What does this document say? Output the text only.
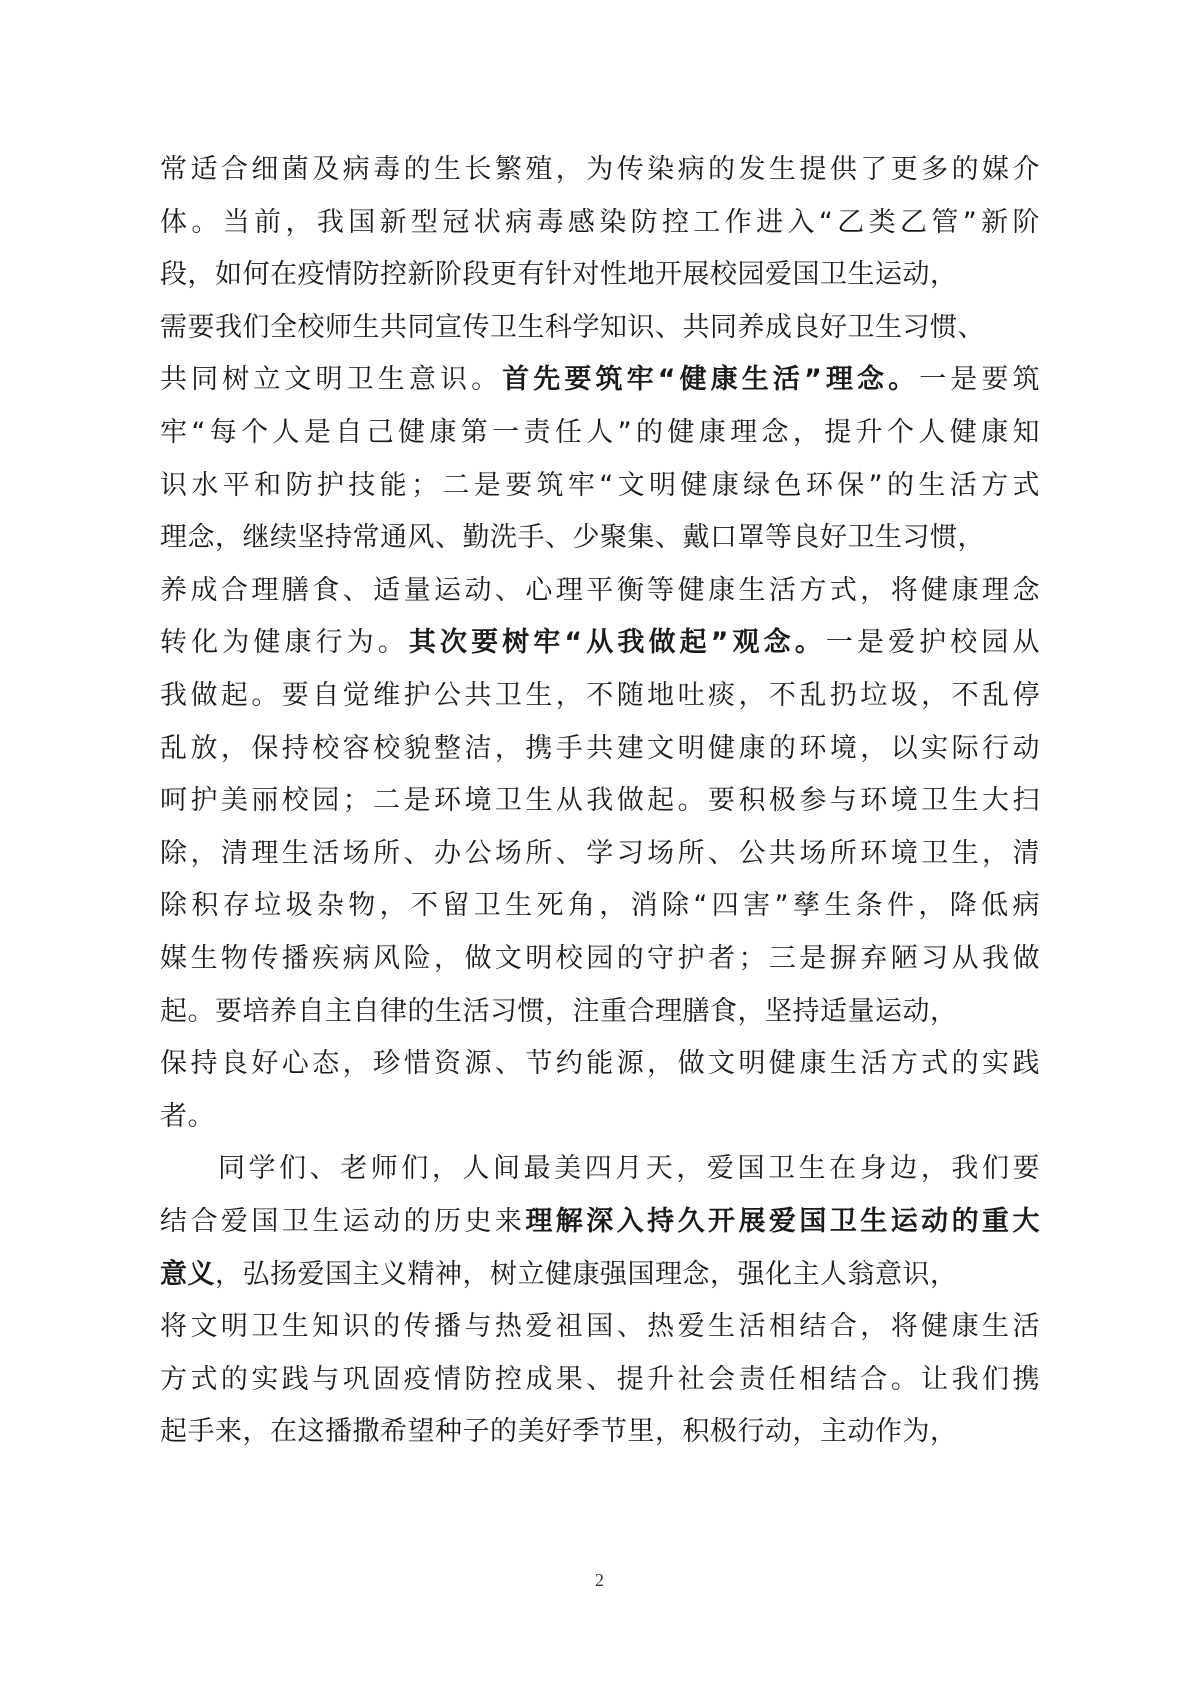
常适合细菌及病毒的生长繁殖，为传染病的发生提供了更多的媒介
体。当前，我国新型冠状病毒感染防控工作进入“乙类乙管”新阶
段，如何在疫情防控新阶段更有针对性地开展校园爱国卫生运动，
需要我们全校师生共同宣传卫生科学知识、共同养成良好卫生习惯、
共同树立文明卫生意识。首先要筑牢“健康生活”理念。一是要筑
牢“每个人是自己健康第一责任人”的健康理念，提升个人健康知
识水平和防护技能；二是要筑牢“文明健康绿色环保”的生活方式
理念，继续坚持常通风、勤洗手、少聚集、戴口罩等良好卫生习惯，
养成合理膳食、适量运动、心理平衡等健康生活方式，将健康理念
转化为健康行为。其次要树牢“从我做起”观念。一是爱护校园从
我做起。要自觉维护公共卫生，不随地吐痰，不乱扔垃圾，不乱停
乱放，保持校容校貌整洁，携手共建文明健康的环境，以实际行动
呵护美丽校园；二是环境卫生从我做起。要积极参与环境卫生大扫
除，清理生活场所、办公场所、学习场所、公共场所环境卫生，清
除积存垃圾杂物，不留卫生死角，消除“四害”孳生条件，降低病
媒生物传播疾病风险，做文明校园的守护者；三是摒弃陋习从我做
起。要培养自主自律的生活习惯，注重合理膳食，坚持适量运动，
保持良好心态，珍惜资源、节约能源，做文明健康生活方式的实践
者。
同学们、老师们，人间最美四月天，爱国卫生在身边，我们要
结合爱国卫生运动的历史来理解深入持久开展爱国卫生运动的重大
意义，弘扬爱国主义精神，树立健康强国理念，强化主人翁意识，
将文明卫生知识的传播与热爱祖国、热爱生活相结合，将健康生活
方式的实践与巩固疫情防控成果、提升社会责任相结合。让我们携
起手来，在这播撒希望种子的美好季节里，积极行动，主动作为，
2
